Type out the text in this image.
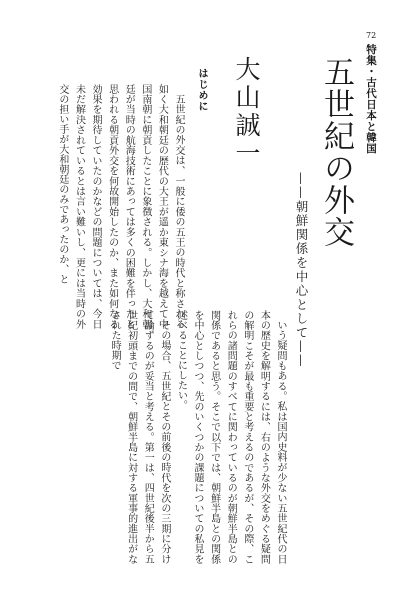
72
特集・古代日本と韓国
五世紀の外交
——朝鮮関係を中心として——
大山誠一
はじめに

五世紀の外交は、一般に倭の五王の時代と称される如く大和朝廷の歴代の大王が遥か東シナ海を越えて中国南朝に朝貢したことに象徴される。しかし、大和朝廷が当時の航海技術にあっては多くの困難を伴ったと思われる朝貢外交を何故開始したのか、また如何なる効果を期待していたのかなどの問題については、今日未だ解決されているとは言い難いし、更には当時の外交の担い手が大和朝廷のみであったのか、と

いう疑問もある。私は国内史料が少ない五世紀代の日本の歴史を解明するには、右のような外交をめぐる疑問の解明こそが最も重要と考えるのであるが、その際、これらの諸問題のすべてに関わっているのが朝鮮半島との関係であると思う。そこで以下では、朝鮮半島との関係を中心としつつ、先のいくつかの課題についての私見を述べることにしたい。

その場合、五世紀とその前後の時代を次の三期に分けて論ずるのが妥当と考える。第一は、四世紀後半から五世紀初頭までの間で、朝鮮半島に対する軍事的進出がなされた時期で
